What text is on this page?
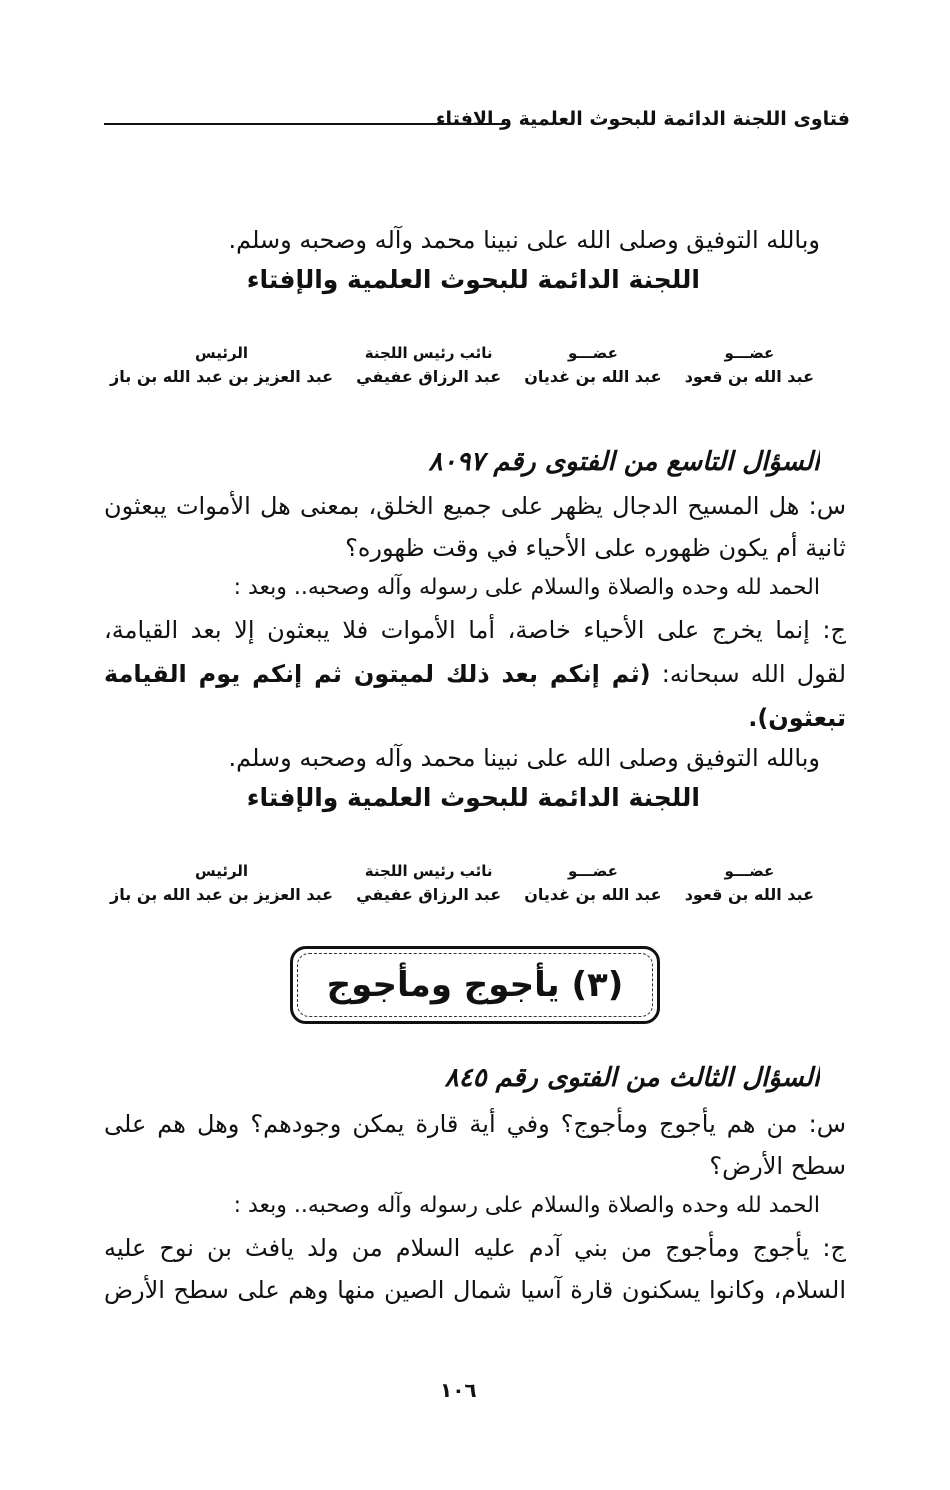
فتاوى اللجنة الدائمة للبحوث العلمية و الافتاء
وبالله التوفيق وصلى الله على نبينا محمد وآله وصحبه وسلم.
اللجنة الدائمة للبحوث العلمية والإفتاء
عضـــو
عبد الله بن قعود
عضـــو
عبد الله بن غديان
نائب رئيس اللجنة
عبد الرزاق عفيفي
الرئيس
عبد العزيز بن عبد الله بن باز
السؤال التاسع من الفتوى رقم ٨٠٩٧
س: هل المسيح الدجال يظهر على جميع الخلق، بمعنى هل الأموات يبعثون
ثانية أم يكون ظهوره على الأحياء في وقت ظهوره؟
الحمد لله وحده والصلاة والسلام على رسوله وآله وصحبه.. وبعد :
ج: إنما يخرج على الأحياء خاصة، أما الأموات فلا يبعثون إلا بعد القيامة،
لقول الله سبحانه: (ثم إنكم بعد ذلك لميتون ثم إنكم يوم القيامة
تبعثون).
وبالله التوفيق وصلى الله على نبينا محمد وآله وصحبه وسلم.
اللجنة الدائمة للبحوث العلمية والإفتاء
عضـــو
عبد الله بن قعود
عضـــو
عبد الله بن غديان
نائب رئيس اللجنة
عبد الرزاق عفيفي
الرئيس
عبد العزيز بن عبد الله بن باز
(٣) يأجوج ومأجوج
السؤال الثالث من الفتوى رقم ٨٤٥
س: من هم يأجوج ومأجوج؟ وفي أية قارة يمكن وجودهم؟ وهل هم على
سطح الأرض؟
الحمد لله وحده والصلاة والسلام على رسوله وآله وصحبه.. وبعد :
ج: يأجوج ومأجوج من بني آدم عليه السلام من ولد يافث بن نوح عليه
السلام، وكانوا يسكنون قارة آسيا شمال الصين منها وهم على سطح الأرض
١٠٦
